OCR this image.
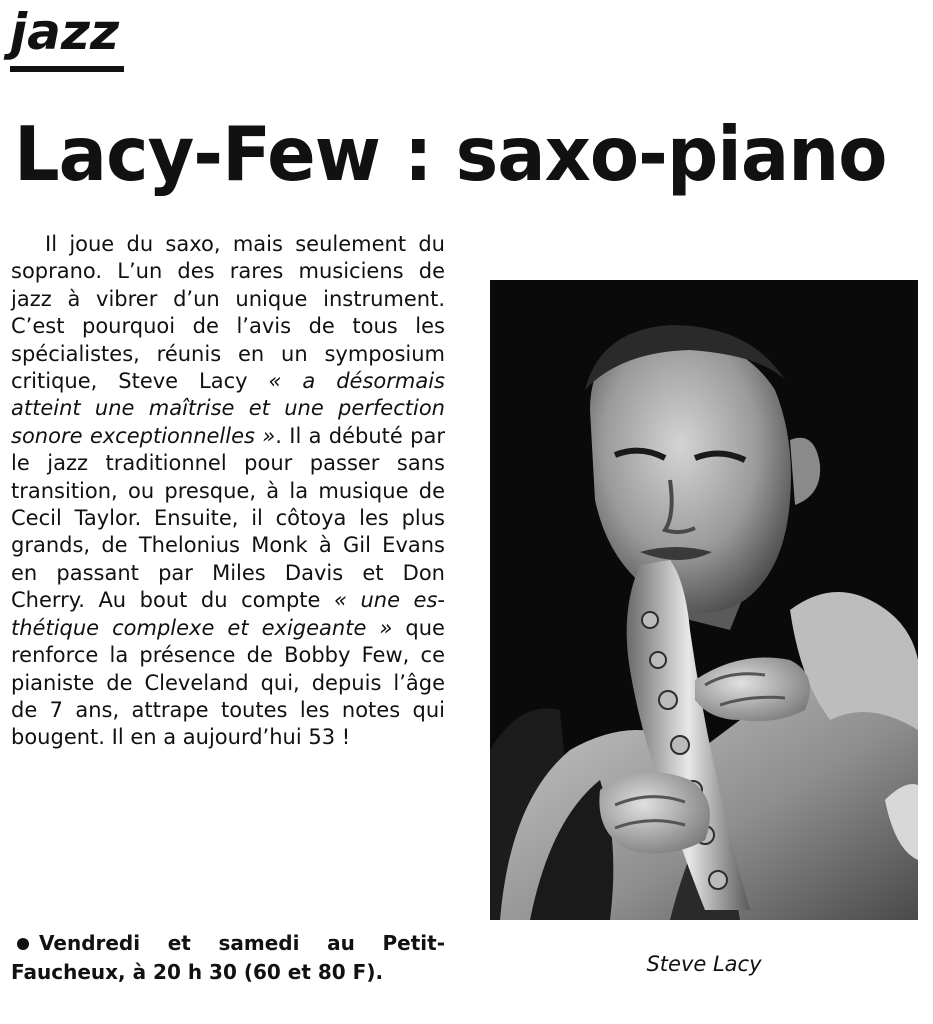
jazz
Lacy-Few : saxo-piano

Il joue du saxo, mais seulement du soprano. L’un des rares musiciens de jazz à vibrer d’un unique instrument. C’est pourquoi de l’avis de tous les spécialistes, réunis en un symposium critique, Steve Lacy « a désormais atteint une maîtrise et une perfection sonore exceptionnelles ». Il a débuté par le jazz traditionnel pour passer sans transition, ou presque, à la musique de Cecil Taylor. Ensuite, il côtoya les plus grands, de Thelonius Monk à Gil Evans en passant par Miles Davis et Don Cherry. Au bout du compte « une esthétique complexe et exigeante » que renforce la présence de Bobby Few, ce pianiste de Cleveland qui, depuis l’âge de 7 ans, attrape toutes les notes qui bougent. Il en a aujourd’hui 53 !

Vendredi et samedi au Petit-Faucheux, à 20 h 30 (60 et 80 F).	Steve Lacy
